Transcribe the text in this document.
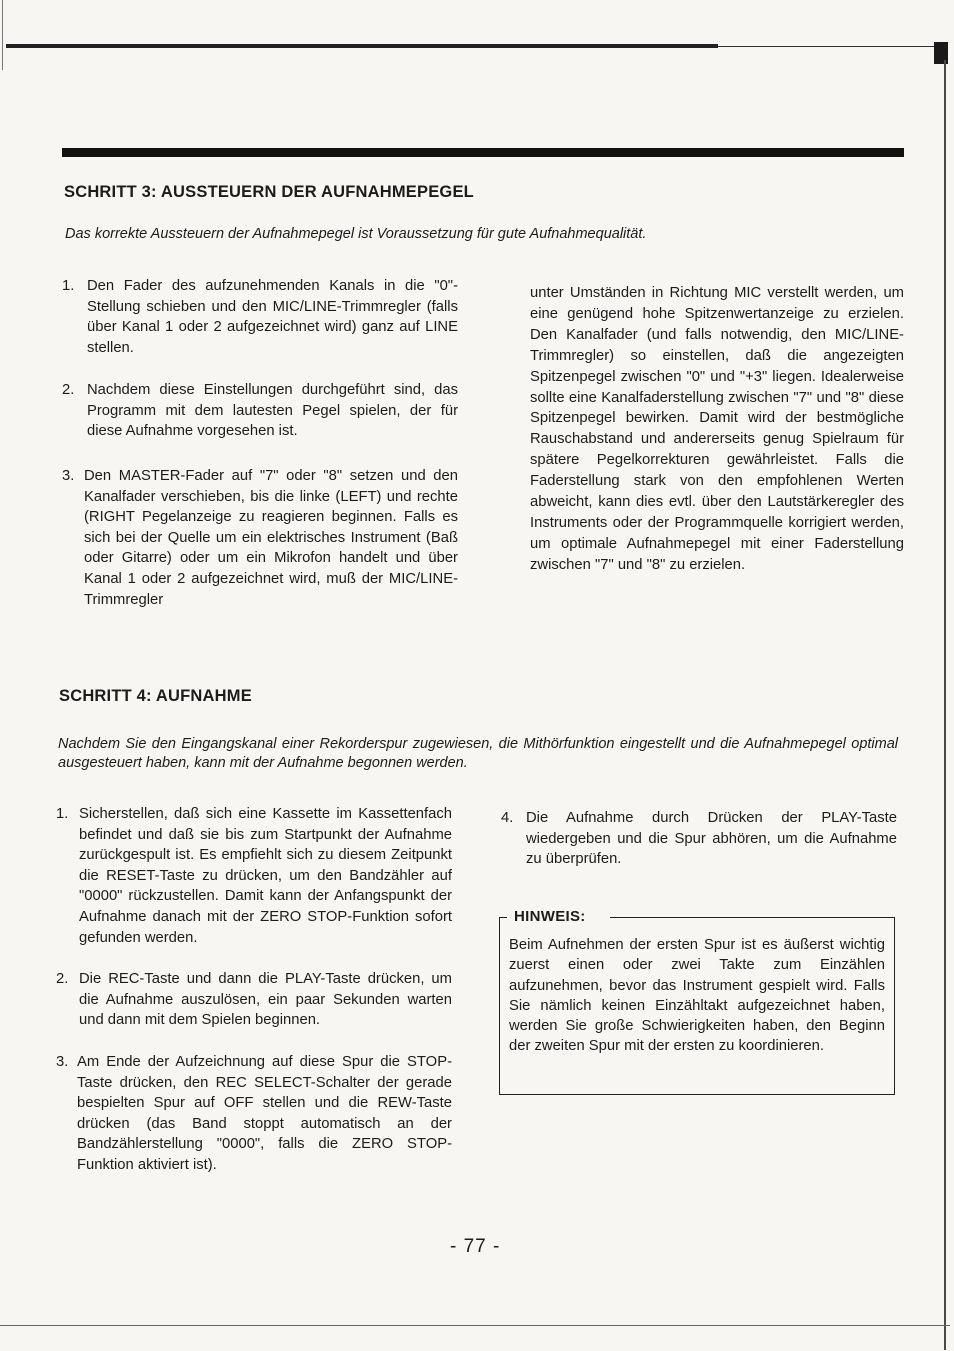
SCHRITT 3: AUSSTEUERN DER AUFNAHMEPEGEL

Das korrekte Aussteuern der Aufnahmepegel ist Voraussetzung für gute Aufnahmequalität.

1. Den Fader des aufzunehmenden Kanals in die "0"-Stellung schieben und den MIC/LINE-Trimmregler (falls über Kanal 1 oder 2 aufgezeichnet wird) ganz auf LINE stellen.
2. Nachdem diese Einstellungen durchgeführt sind, das Programm mit dem lautesten Pegel spielen, der für diese Aufnahme vorgesehen ist.
3. Den MASTER-Fader auf "7" oder "8" setzen und den Kanalfader verschieben, bis die linke (LEFT) und rechte (RIGHT Pegelanzeige zu reagieren beginnen. Falls es sich bei der Quelle um ein elektrisches Instrument (Baß oder Gitarre) oder um ein Mikrofon handelt und über Kanal 1 oder 2 aufgezeichnet wird, muß der MIC/LINE-Trimmregler
unter Umständen in Richtung MIC verstellt werden, um eine genügend hohe Spitzenwertanzeige zu erzielen. Den Kanalfader (und falls notwendig, den MIC/LINE-Trimmregler) so einstellen, daß die angezeigten Spitzenpegel zwischen "0" und "+3" liegen. Idealerweise sollte eine Kanalfaderstellung zwischen "7" und "8" diese Spitzenpegel bewirken. Damit wird der bestmögliche Rauschabstand und andererseits genug Spielraum für spätere Pegelkorrekturen gewährleistet. Falls die Faderstellung stark von den empfohlenen Werten abweicht, kann dies evtl. über den Lautstärkeregler des Instruments oder der Programmquelle korrigiert werden, um optimale Aufnahmepegel mit einer Faderstellung zwischen "7" und "8" zu erzielen.
SCHRITT 4: AUFNAHME

Nachdem Sie den Eingangskanal einer Rekorderspur zugewiesen, die Mithörfunktion eingestellt und die Aufnahmepegel optimal ausgesteuert haben, kann mit der Aufnahme begonnen werden.

1. Sicherstellen, daß sich eine Kassette im Kassettenfach befindet und daß sie bis zum Startpunkt der Aufnahme zurückgespult ist. Es empfiehlt sich zu diesem Zeitpunkt die RESET-Taste zu drücken, um den Bandzähler auf "0000" rückzustellen. Damit kann der Anfangspunkt der Aufnahme danach mit der ZERO STOP-Funktion sofort gefunden werden.
2. Die REC-Taste und dann die PLAY-Taste drücken, um die Aufnahme auszulösen, ein paar Sekunden warten und dann mit dem Spielen beginnen.
3. Am Ende der Aufzeichnung auf diese Spur die STOP-Taste drücken, den REC SELECT-Schalter der gerade bespielten Spur auf OFF stellen und die REW-Taste drücken (das Band stoppt automatisch an der Bandzählerstellung "0000", falls die ZERO STOP-Funktion aktiviert ist).
4. Die Aufnahme durch Drücken der PLAY-Taste wiedergeben und die Spur abhören, um die Aufnahme zu überprüfen.
HINWEIS:
Beim Aufnehmen der ersten Spur ist es äußerst wichtig zuerst einen oder zwei Takte zum Einzählen aufzunehmen, bevor das Instrument gespielt wird. Falls Sie nämlich keinen Einzähltakt aufgezeichnet haben, werden Sie große Schwierigkeiten haben, den Beginn der zweiten Spur mit der ersten zu koordinieren.
- 77 -
